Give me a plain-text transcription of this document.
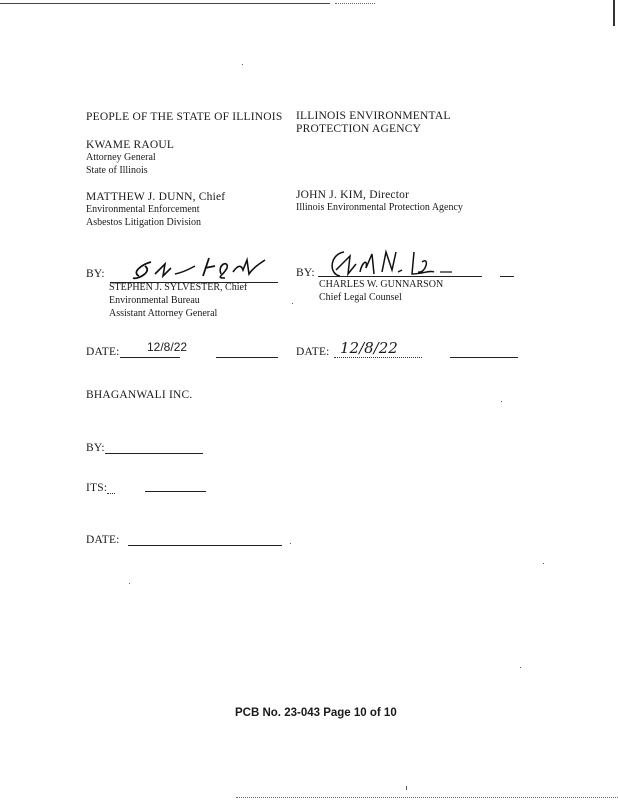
PEOPLE OF THE STATE OF ILLINOIS
KWAME RAOUL
Attorney General
State of Illinois
MATTHEW J. DUNN, Chief
Environmental Enforcement
Asbestos Litigation Division
BY:
STEPHEN J. SYLVESTER, Chief
Environmental Bureau
Assistant Attorney General
DATE: 12/8/22
ILLINOIS ENVIRONMENTAL
PROTECTION AGENCY
JOHN J. KIM, Director
Illinois Environmental Protection Agency
BY:
CHARLES W. GUNNARSON
Chief Legal Counsel
DATE: 12/8/22
BHAGANWALI INC.
BY:
ITS:
DATE:
PCB No. 23-043 Page 10 of 10
